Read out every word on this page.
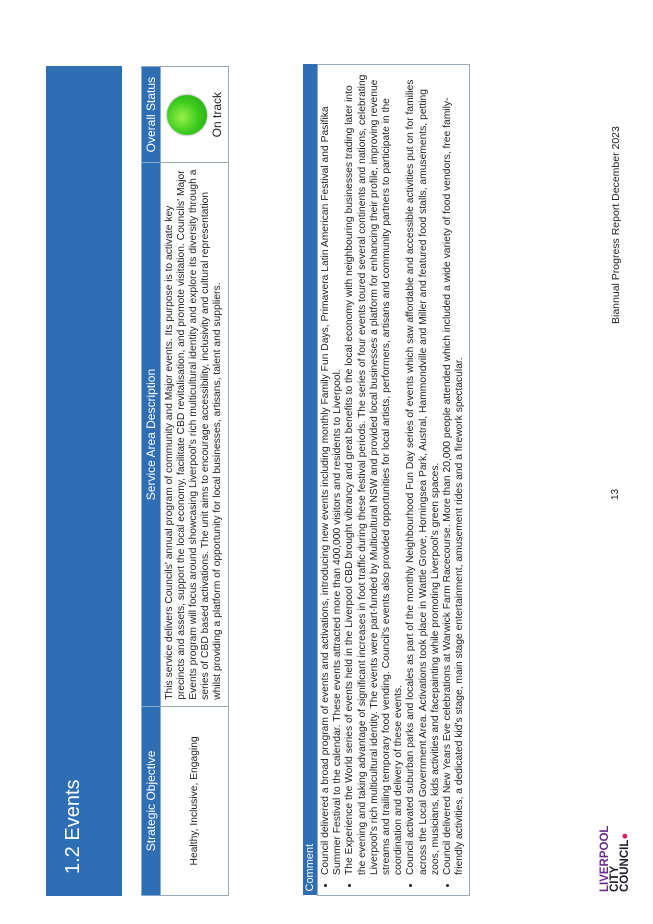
1.2 Events	Strategic Objective	Service Area Description	Overall Status
Healthy, Inclusive, Engaging	This service delivers Councils' annual program of community and Major events. Its purpose is to activate key precincts and assets, support the local economy, facilitate CBD revitalisation, and promote visitation. Councils' Major Events program will focus around showcasing Liverpool's rich multicultural identity and explore its diversity through a series of CBD based activations. The unit aims to encourage accessibility, inclusivity and cultural representation whilst providing a platform of opportunity for local businesses, artisans, talent and suppliers.	On track
Comment

• Council delivered a broad program of events and activations, introducing new events including monthly Family Fun Days, Primavera Latin American Festival and Pasifika Summer Festival to the calendar. These events attracted more than 400,000 visitors and residents to Liverpool. • The Experience the World series of events held in the Liverpool CBD brought vibrancy and great benefits to the local economy with neighbouring businesses trading later into the evening and taking advantage of significant increases in foot traffic during these festival periods. The series of four events toured several continents and nations, celebrating Liverpool's rich multicultural identity. The events were part-funded by Multicultural NSW and provided local businesses a platform for enhancing their profile, improving revenue streams and trailing temporary food vending. Council's events also provided opportunities for local artists, performers, artisans and community partners to participate in the coordination and delivery of these events. • Council activated suburban parks and locales as part of the monthly Neighbourhood Fun Day series of events which saw affordable and accessible activities put on for families across the Local Government Area. Activations took place in Wattle Grove, Horningsea Park, Austral, Hammondville and Miller and featured food stalls, amusements, petting zoos, musicians, kids activities and facepainting while promoting Liverpool's green spaces. • Council delivered New Years Eve celebrations at Warwick Farm Racecourse. More than 20,000 people attended which included a wide variety of food vendors, free family-friendly activities, a dedicated kid's stage, main stage entertainment, amusement rides and a firework spectacular.	LIVERPOOL
CITY
COUNCIL●
13
Biannual Progress Report December 2023
